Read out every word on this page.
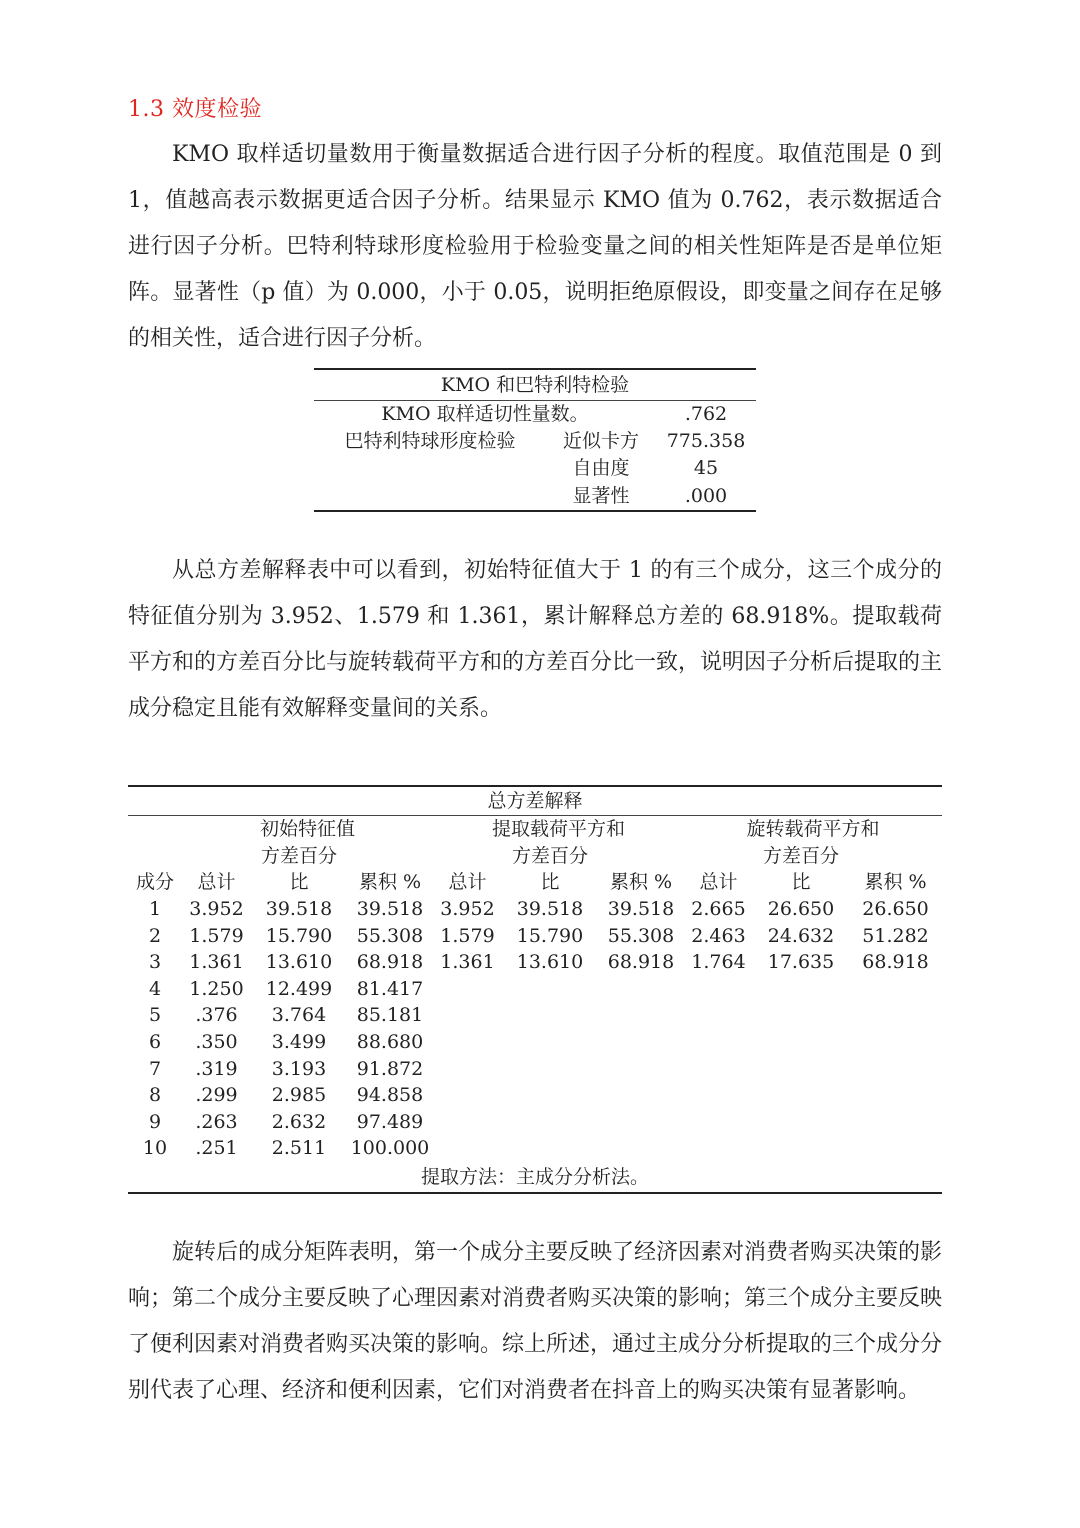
1.3 效度检验

KMO 取样适切量数用于衡量数据适合进行因子分析的程度。取值范围是 0 到 1，值越高表示数据更适合因子分析。结果显示 KMO 值为 0.762，表示数据适合进行因子分析。巴特利特球形度检验用于检验变量之间的相关性矩阵是否是单位矩阵。显著性（p 值）为 0.000，小于 0.05，说明拒绝原假设，即变量之间存在足够的相关性，适合进行因子分析。

KMO 和巴特利特检验		
KMO 取样适切性量数。		.762
巴特利特球形度检验	近似卡方	775.358
	自由度	45
	显著性	.000

从总方差解释表中可以看到，初始特征值大于 1 的有三个成分，这三个成分的特征值分别为 3.952、1.579 和 1.361，累计解释总方差的 68.918%。提取载荷平方和的方差百分比与旋转载荷平方和的方差百分比一致，说明因子分析后提取的主成分稳定且能有效解释变量间的关系。

总方差解释									
	初始特征值			提取载荷平方和			旋转载荷平方和		
		方差百分			方差百分			方差百分	
成分	总计	比	累积 %	总计	比	累积 %	总计	比	累积 %
1	3.952	39.518	39.518	3.952	39.518	39.518	2.665	26.650	26.650
2	1.579	15.790	55.308	1.579	15.790	55.308	2.463	24.632	51.282
3	1.361	13.610	68.918	1.361	13.610	68.918	1.764	17.635	68.918
4	1.250	12.499	81.417						
5	.376	3.764	85.181						
6	.350	3.499	88.680						
7	.319	3.193	91.872						
8	.299	2.985	94.858						
9	.263	2.632	97.489						
10	.251	2.511	100.000						
提取方法：主成分分析法。									

旋转后的成分矩阵表明，第一个成分主要反映了经济因素对消费者购买决策的影响；第二个成分主要反映了心理因素对消费者购买决策的影响；第三个成分主要反映了便利因素对消费者购买决策的影响。综上所述，通过主成分分析提取的三个成分分别代表了心理、经济和便利因素，它们对消费者在抖音上的购买决策有显著影响。
